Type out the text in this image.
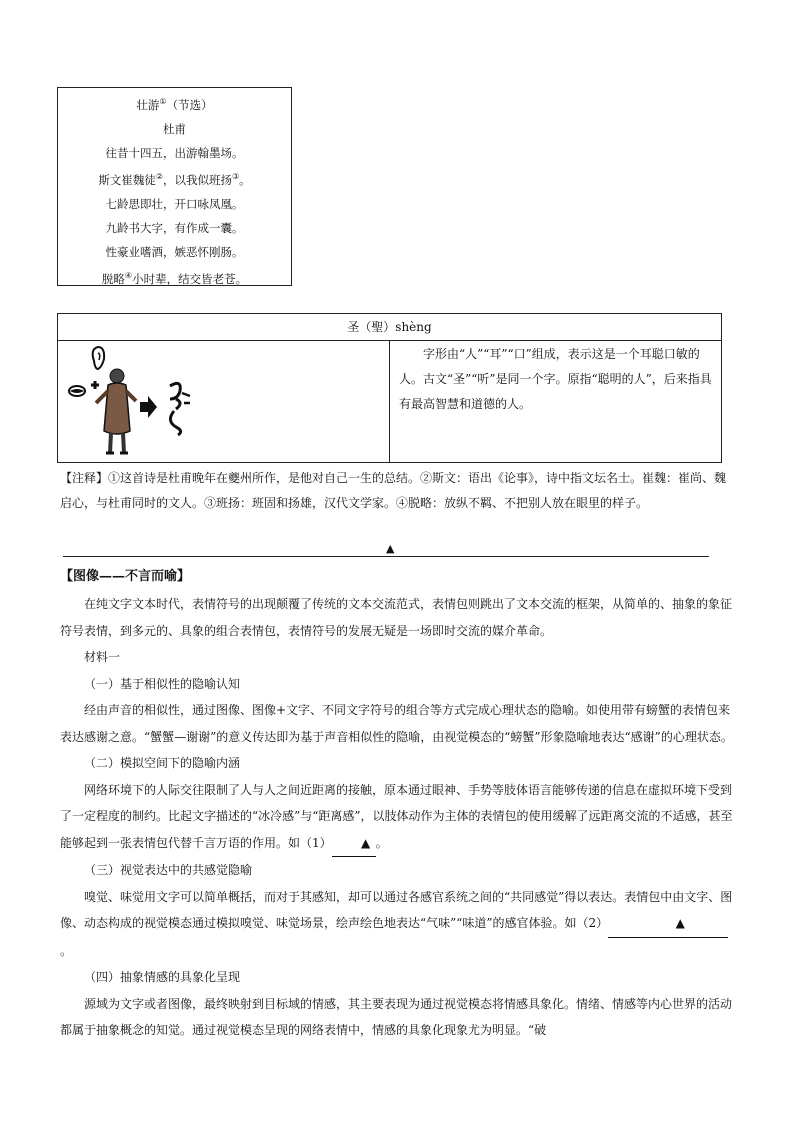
壮游①（节选）
杜甫
往昔十四五，出游翰墨场。
斯文崔魏徒②，以我似班扬③。
七龄思即壮，开口咏凤凰。
九龄书大字，有作成一囊。
性豪业嗜酒，嫉恶怀刚肠。
脱略④小时辈，结交皆老苍。
圣（聖）shèng
字形由“人”“耳”“口”组成，表示这是一个耳聪口敏的人。古文“圣”“听”是同一个字。原指“聪明的人”，后来指具有最高智慧和道德的人。
【注释】①这首诗是杜甫晚年在夔州所作，是他对自己一生的总结。②斯文：语出《论事》，诗中指文坛名士。崔魏：崔尚、魏启心，与杜甫同时的文人。③班扬：班固和扬雄，汉代文学家。④脱略：放纵不羁、不把别人放在眼里的样子。
▲
【图像——不言而喻】

在纯文字文本时代，表情符号的出现颠覆了传统的文本交流范式，表情包则跳出了文本交流的框架，从简单的、抽象的象征符号表情，到多元的、具象的组合表情包，表情符号的发展无疑是一场即时交流的媒介革命。

材料一

（一）基于相似性的隐喻认知

经由声音的相似性，通过图像、图像+文字、不同文字符号的组合等方式完成心理状态的隐喻。如使用带有螃蟹的表情包来表达感谢之意。“蟹蟹—谢谢”的意义传达即为基于声音相似性的隐喻，由视觉模态的“螃蟹”形象隐喻地表达“感谢”的心理状态。

（二）模拟空间下的隐喻内涵

网络环境下的人际交往限制了人与人之间近距离的接触，原本通过眼神、手势等肢体语言能够传递的信息在虚拟环境下受到了一定程度的制约。比起文字描述的“冰冷感”与“距离感”，以肢体动作为主体的表情包的使用缓解了远距离交流的不适感，甚至能够起到一张表情包代替千言万语的作用。如（1） ▲ 。

（三）视觉表达中的共感觉隐喻

嗅觉、味觉用文字可以简单概括，而对于其感知，却可以通过各感官系统之间的“共同感觉”得以表达。表情包中由文字、图像、动态构成的视觉模态通过模拟嗅觉、味觉场景，绘声绘色地表达“气味”“味道”的感官体验。如（2）	▲。

（四）抽象情感的具象化呈现

源域为文字或者图像，最终映射到目标域的情感，其主要表现为通过视觉模态将情感具象化。情绪、情感等内心世界的活动都属于抽象概念的知觉。通过视觉模态呈现的网络表情中，情感的具象化现象尤为明显。“破
